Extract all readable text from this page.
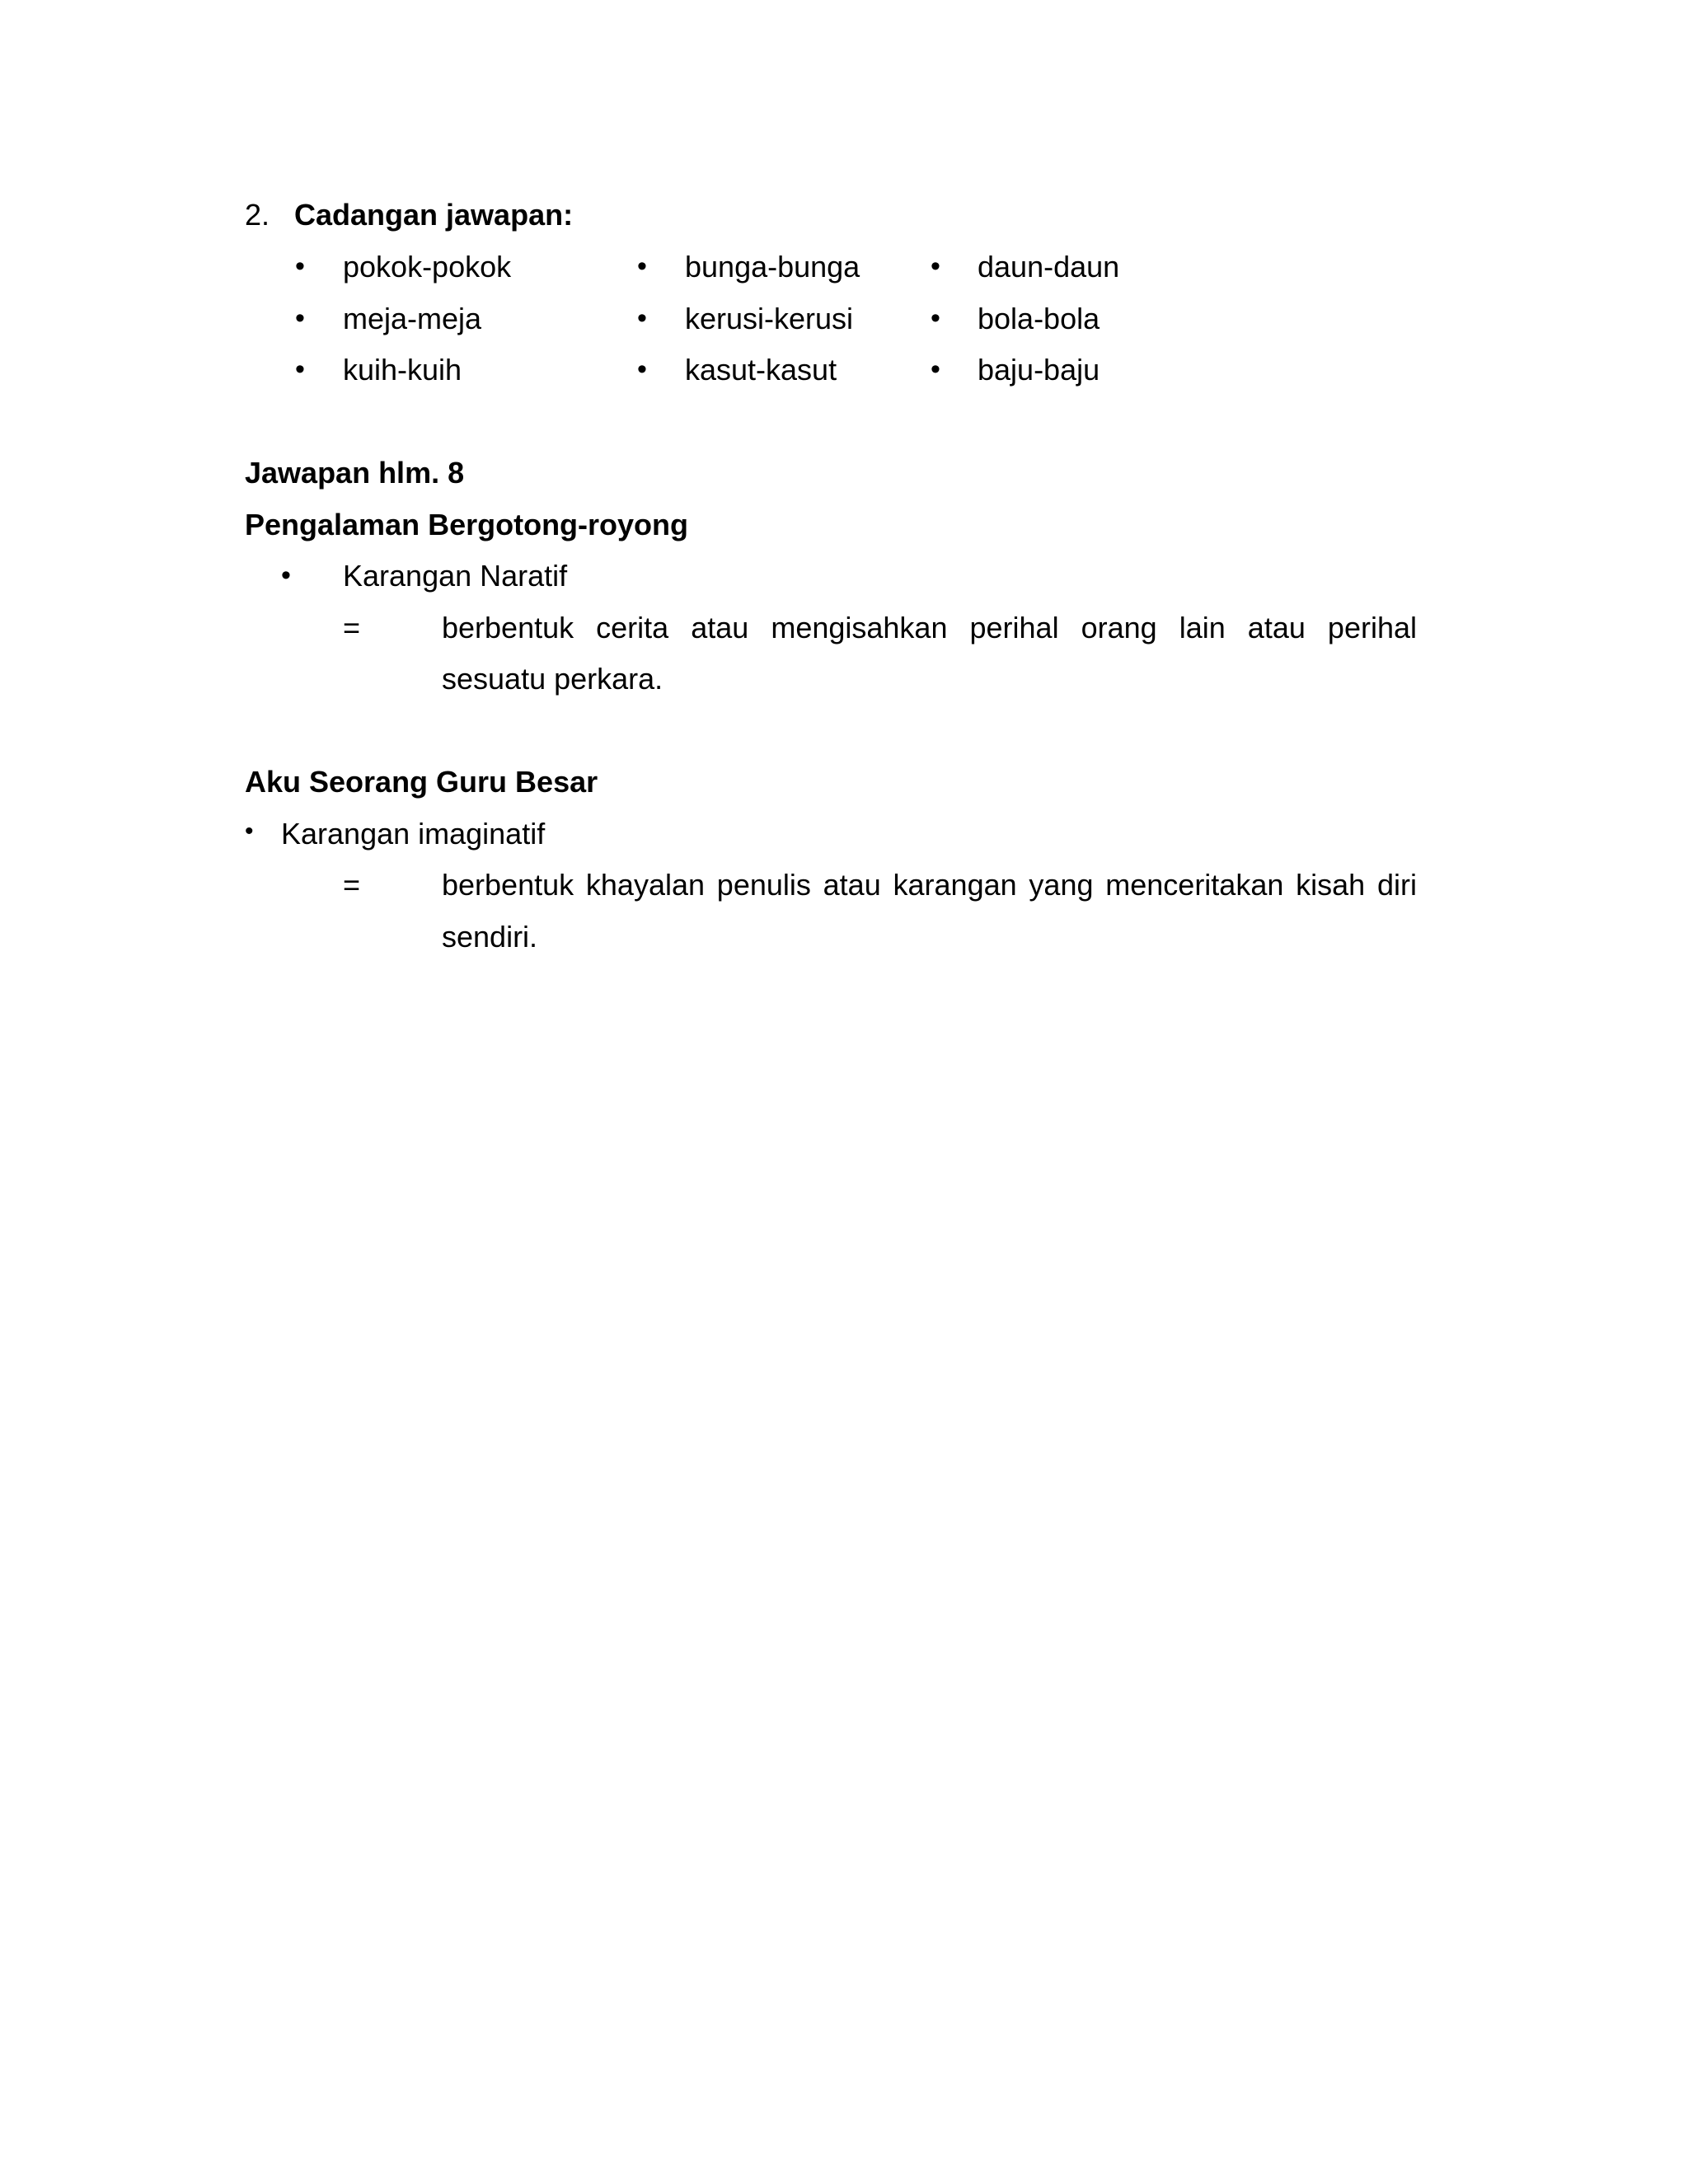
2. Cadangan jawapan:
• pokok-pokok
• meja-meja
• kuih-kuih
• bunga-bunga
• kerusi-kerusi
• kasut-kasut
• daun-daun
• bola-bola
• baju-baju
Jawapan hlm. 8
Pengalaman Bergotong-royong
• Karangan Naratif
=	berbentuk cerita atau mengisahkan perihal orang lain atau perihal
sesuatu perkara.
Aku Seorang Guru Besar
• Karangan imaginatif
=	berbentuk khayalan penulis atau karangan yang menceritakan kisah diri
sendiri.
